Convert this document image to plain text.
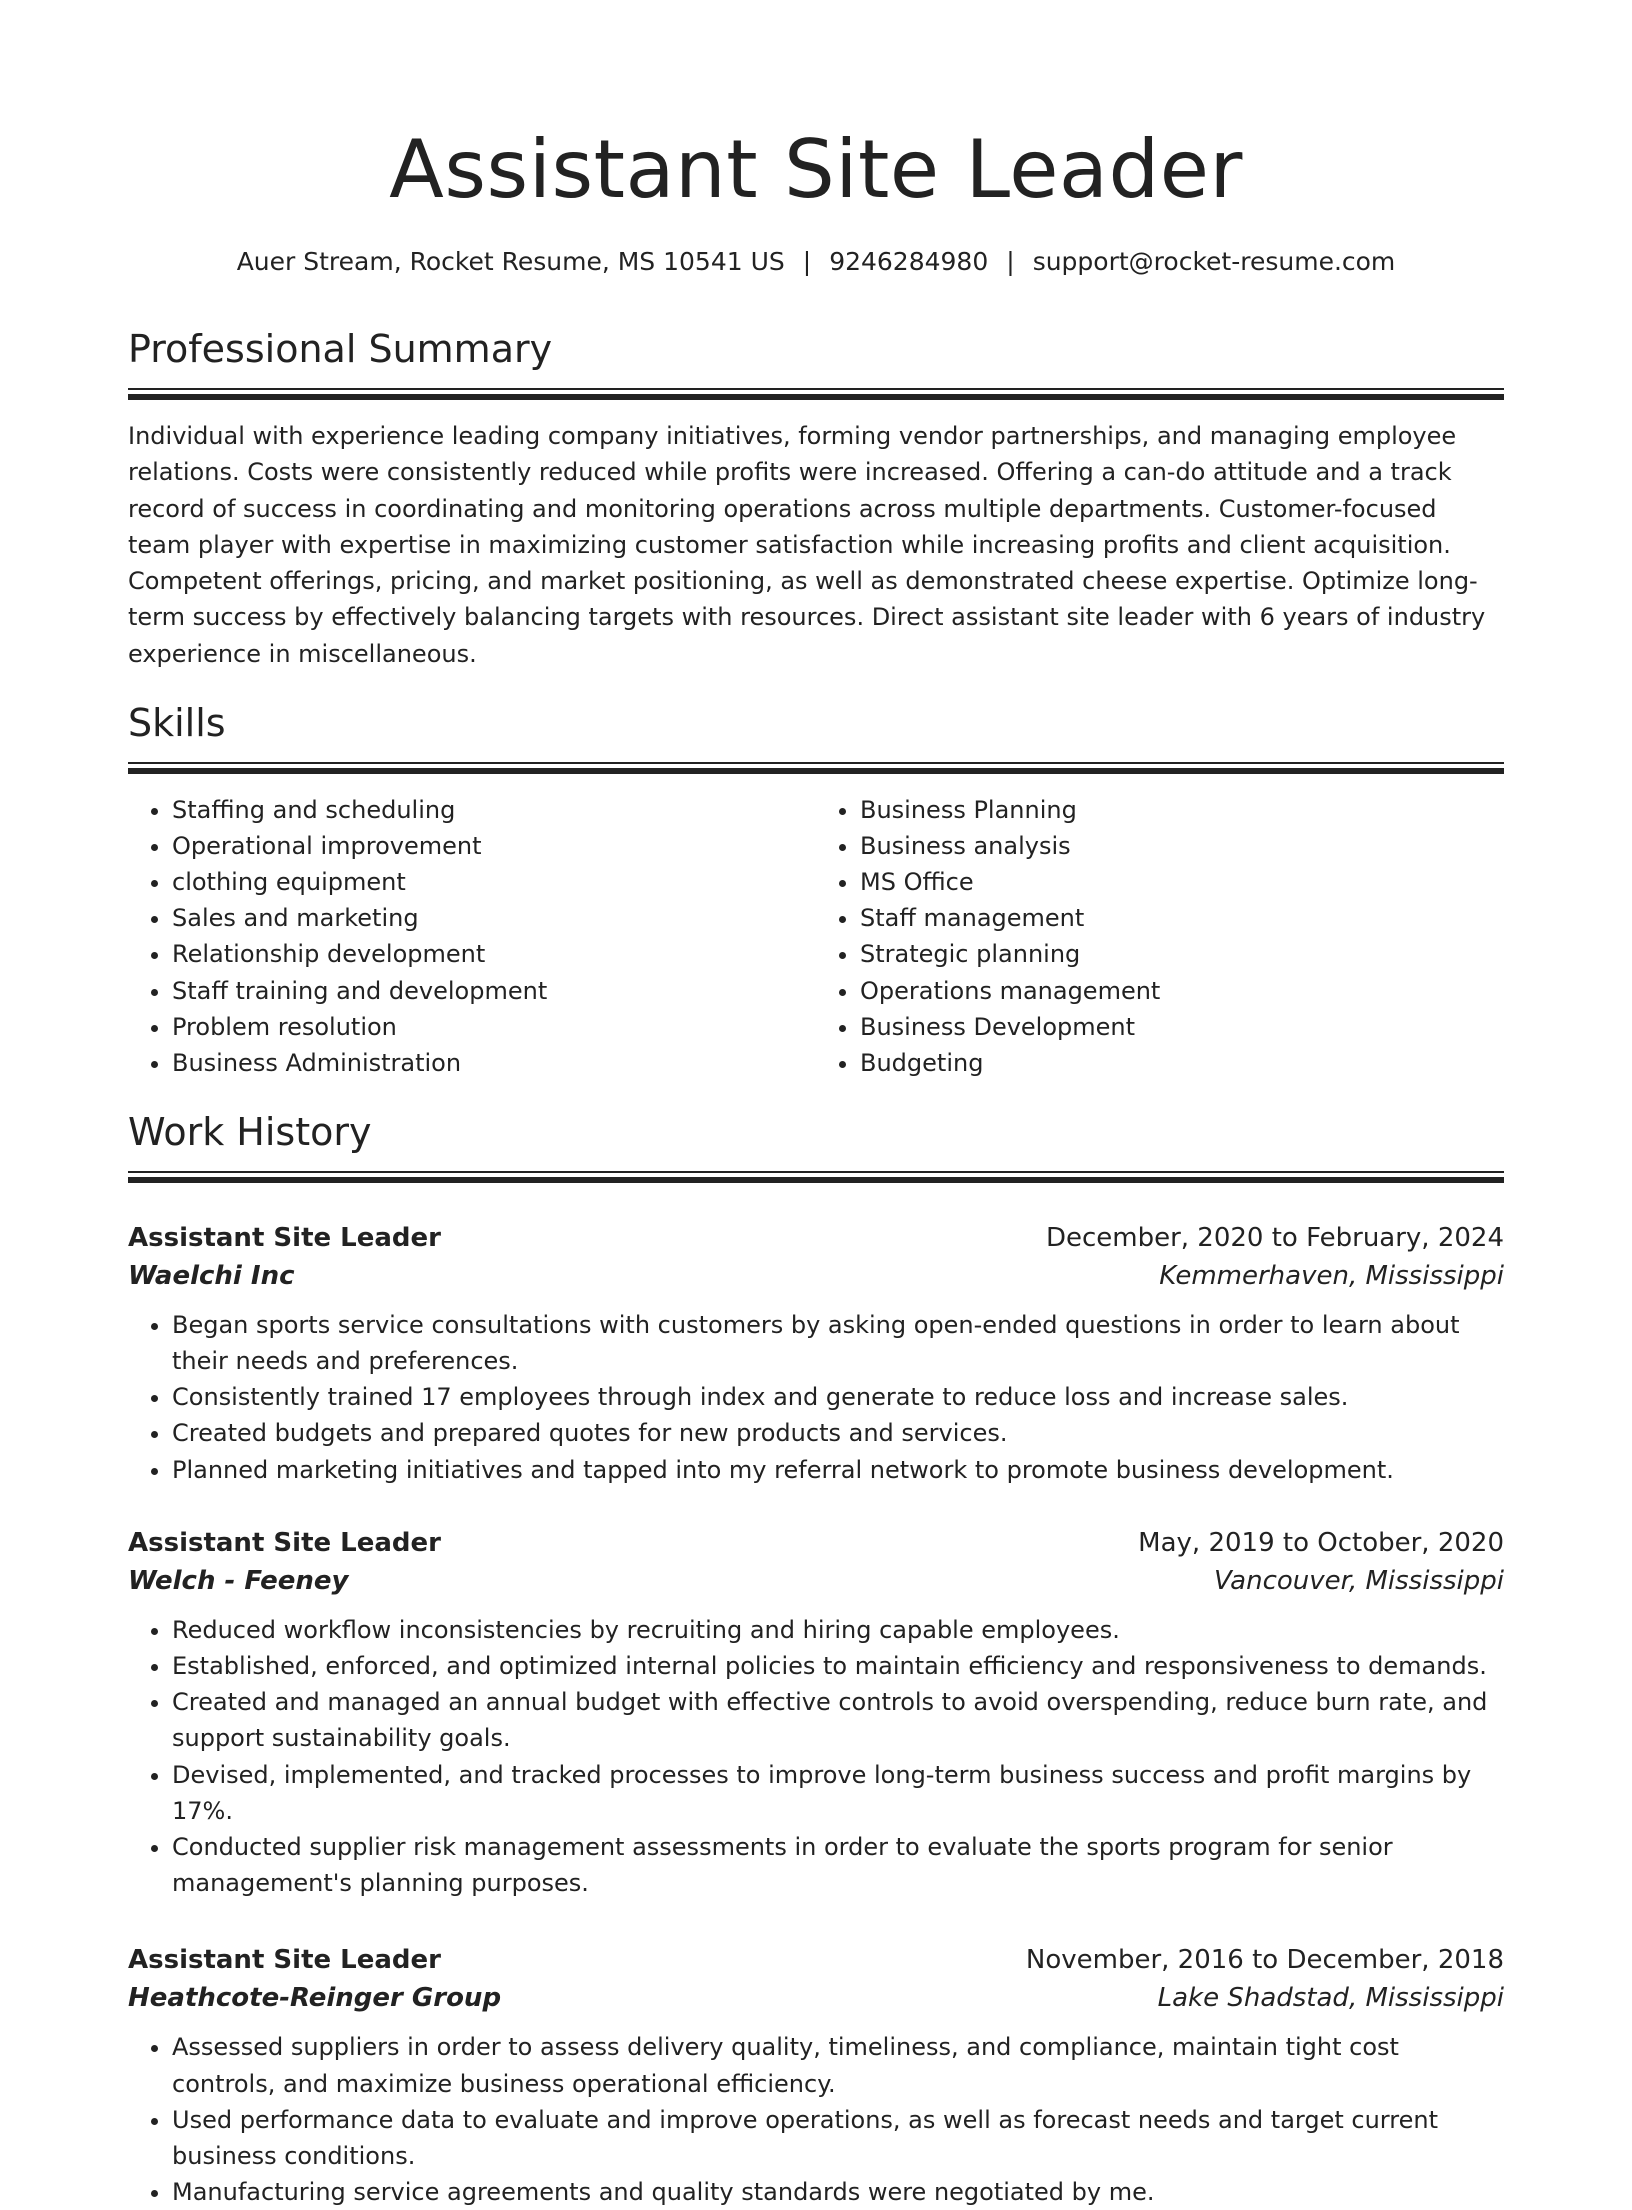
Assistant Site Leader
Auer Stream, Rocket Resume, MS 10541 US | 9246284980 | support@rocket-resume.com
Professional Summary

Individual with experience leading company initiatives, forming vendor partnerships, and managing employee relations. Costs were consistently reduced while profits were increased. Offering a can-do attitude and a track record of success in coordinating and monitoring operations across multiple departments. Customer-focused team player with expertise in maximizing customer satisfaction while increasing profits and client acquisition. Competent offerings, pricing, and market positioning, as well as demonstrated cheese expertise. Optimize long-term success by effectively balancing targets with resources. Direct assistant site leader with 6 years of industry experience in miscellaneous.

Skills
• Staffing and scheduling
• Operational improvement
• clothing equipment
• Sales and marketing
• Relationship development
• Staff training and development
• Problem resolution
• Business Administration
• Business Planning
• Business analysis
• MS Office
• Staff management
• Strategic planning
• Operations management
• Business Development
• Budgeting
Work History
Assistant Site Leader	December, 2020 to February, 2024
Waelchi Inc	Kemmerhaven, Mississippi
• Began sports service consultations with customers by asking open-ended questions in order to learn about their needs and preferences.
• Consistently trained 17 employees through index and generate to reduce loss and increase sales.
• Created budgets and prepared quotes for new products and services.
• Planned marketing initiatives and tapped into my referral network to promote business development.
Assistant Site Leader	May, 2019 to October, 2020
Welch - Feeney	Vancouver, Mississippi
• Reduced workflow inconsistencies by recruiting and hiring capable employees.
• Established, enforced, and optimized internal policies to maintain efficiency and responsiveness to demands.
• Created and managed an annual budget with effective controls to avoid overspending, reduce burn rate, and support sustainability goals.
• Devised, implemented, and tracked processes to improve long-term business success and profit margins by 17%.
• Conducted supplier risk management assessments in order to evaluate the sports program for senior management's planning purposes.
Assistant Site Leader	November, 2016 to December, 2018
Heathcote-Reinger Group	Lake Shadstad, Mississippi
• Assessed suppliers in order to assess delivery quality, timeliness, and compliance, maintain tight cost controls, and maximize business operational efficiency.
• Used performance data to evaluate and improve operations, as well as forecast needs and target current business conditions.
• Manufacturing service agreements and quality standards were negotiated by me.
